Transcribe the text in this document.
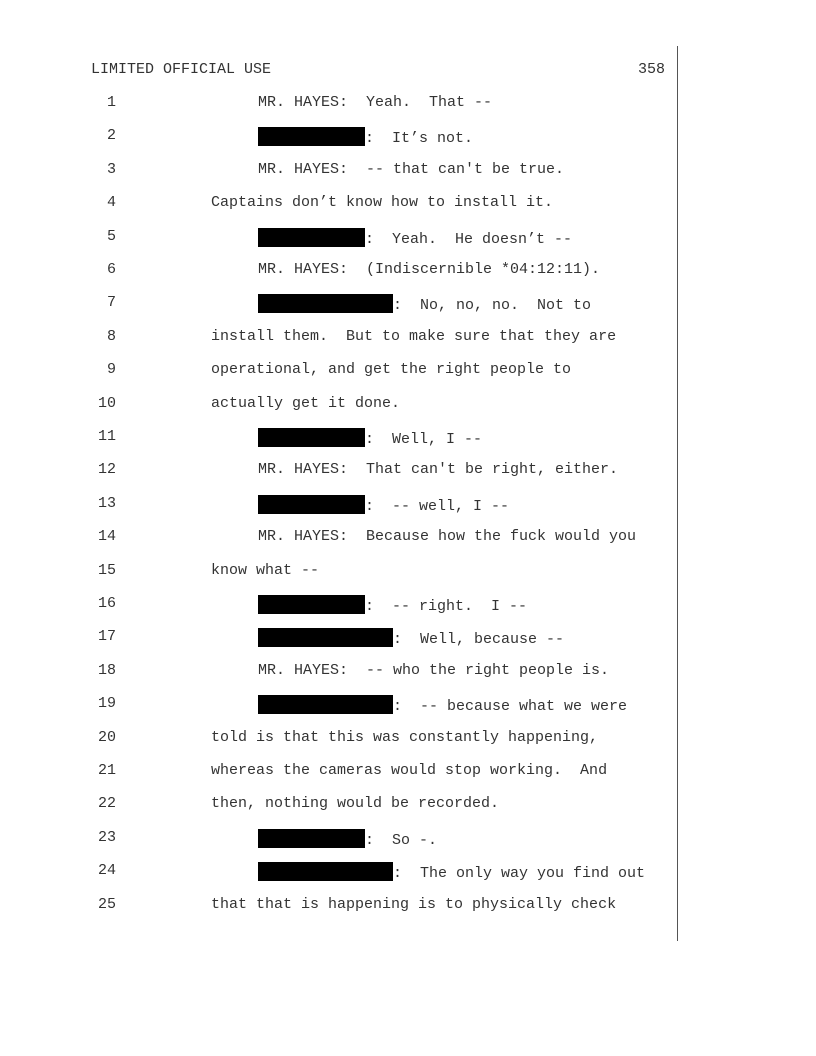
LIMITED OFFICIAL USE	358
1	MR. HAYES:  Yeah.  That --
2	:  It’s not.
3	MR. HAYES:  -- that can't be true.
4	Captains don’t know how to install it.
5	:  Yeah.  He doesn’t --
6	MR. HAYES:  (Indiscernible *04:12:11).
7	:  No, no, no.  Not to
8	install them.  But to make sure that they are
9	operational, and get the right people to
10	actually get it done.
11	:  Well, I --
12	MR. HAYES:  That can't be right, either.
13	:  -- well, I --
14	MR. HAYES:  Because how the fuck would you
15	know what --
16	:  -- right.  I --
17	:  Well, because --
18	MR. HAYES:  -- who the right people is.
19	:  -- because what we were
20	told is that this was constantly happening,
21	whereas the cameras would stop working.  And
22	then, nothing would be recorded.
23	:  So -.
24	:  The only way you find out
25	that that is happening is to physically check
